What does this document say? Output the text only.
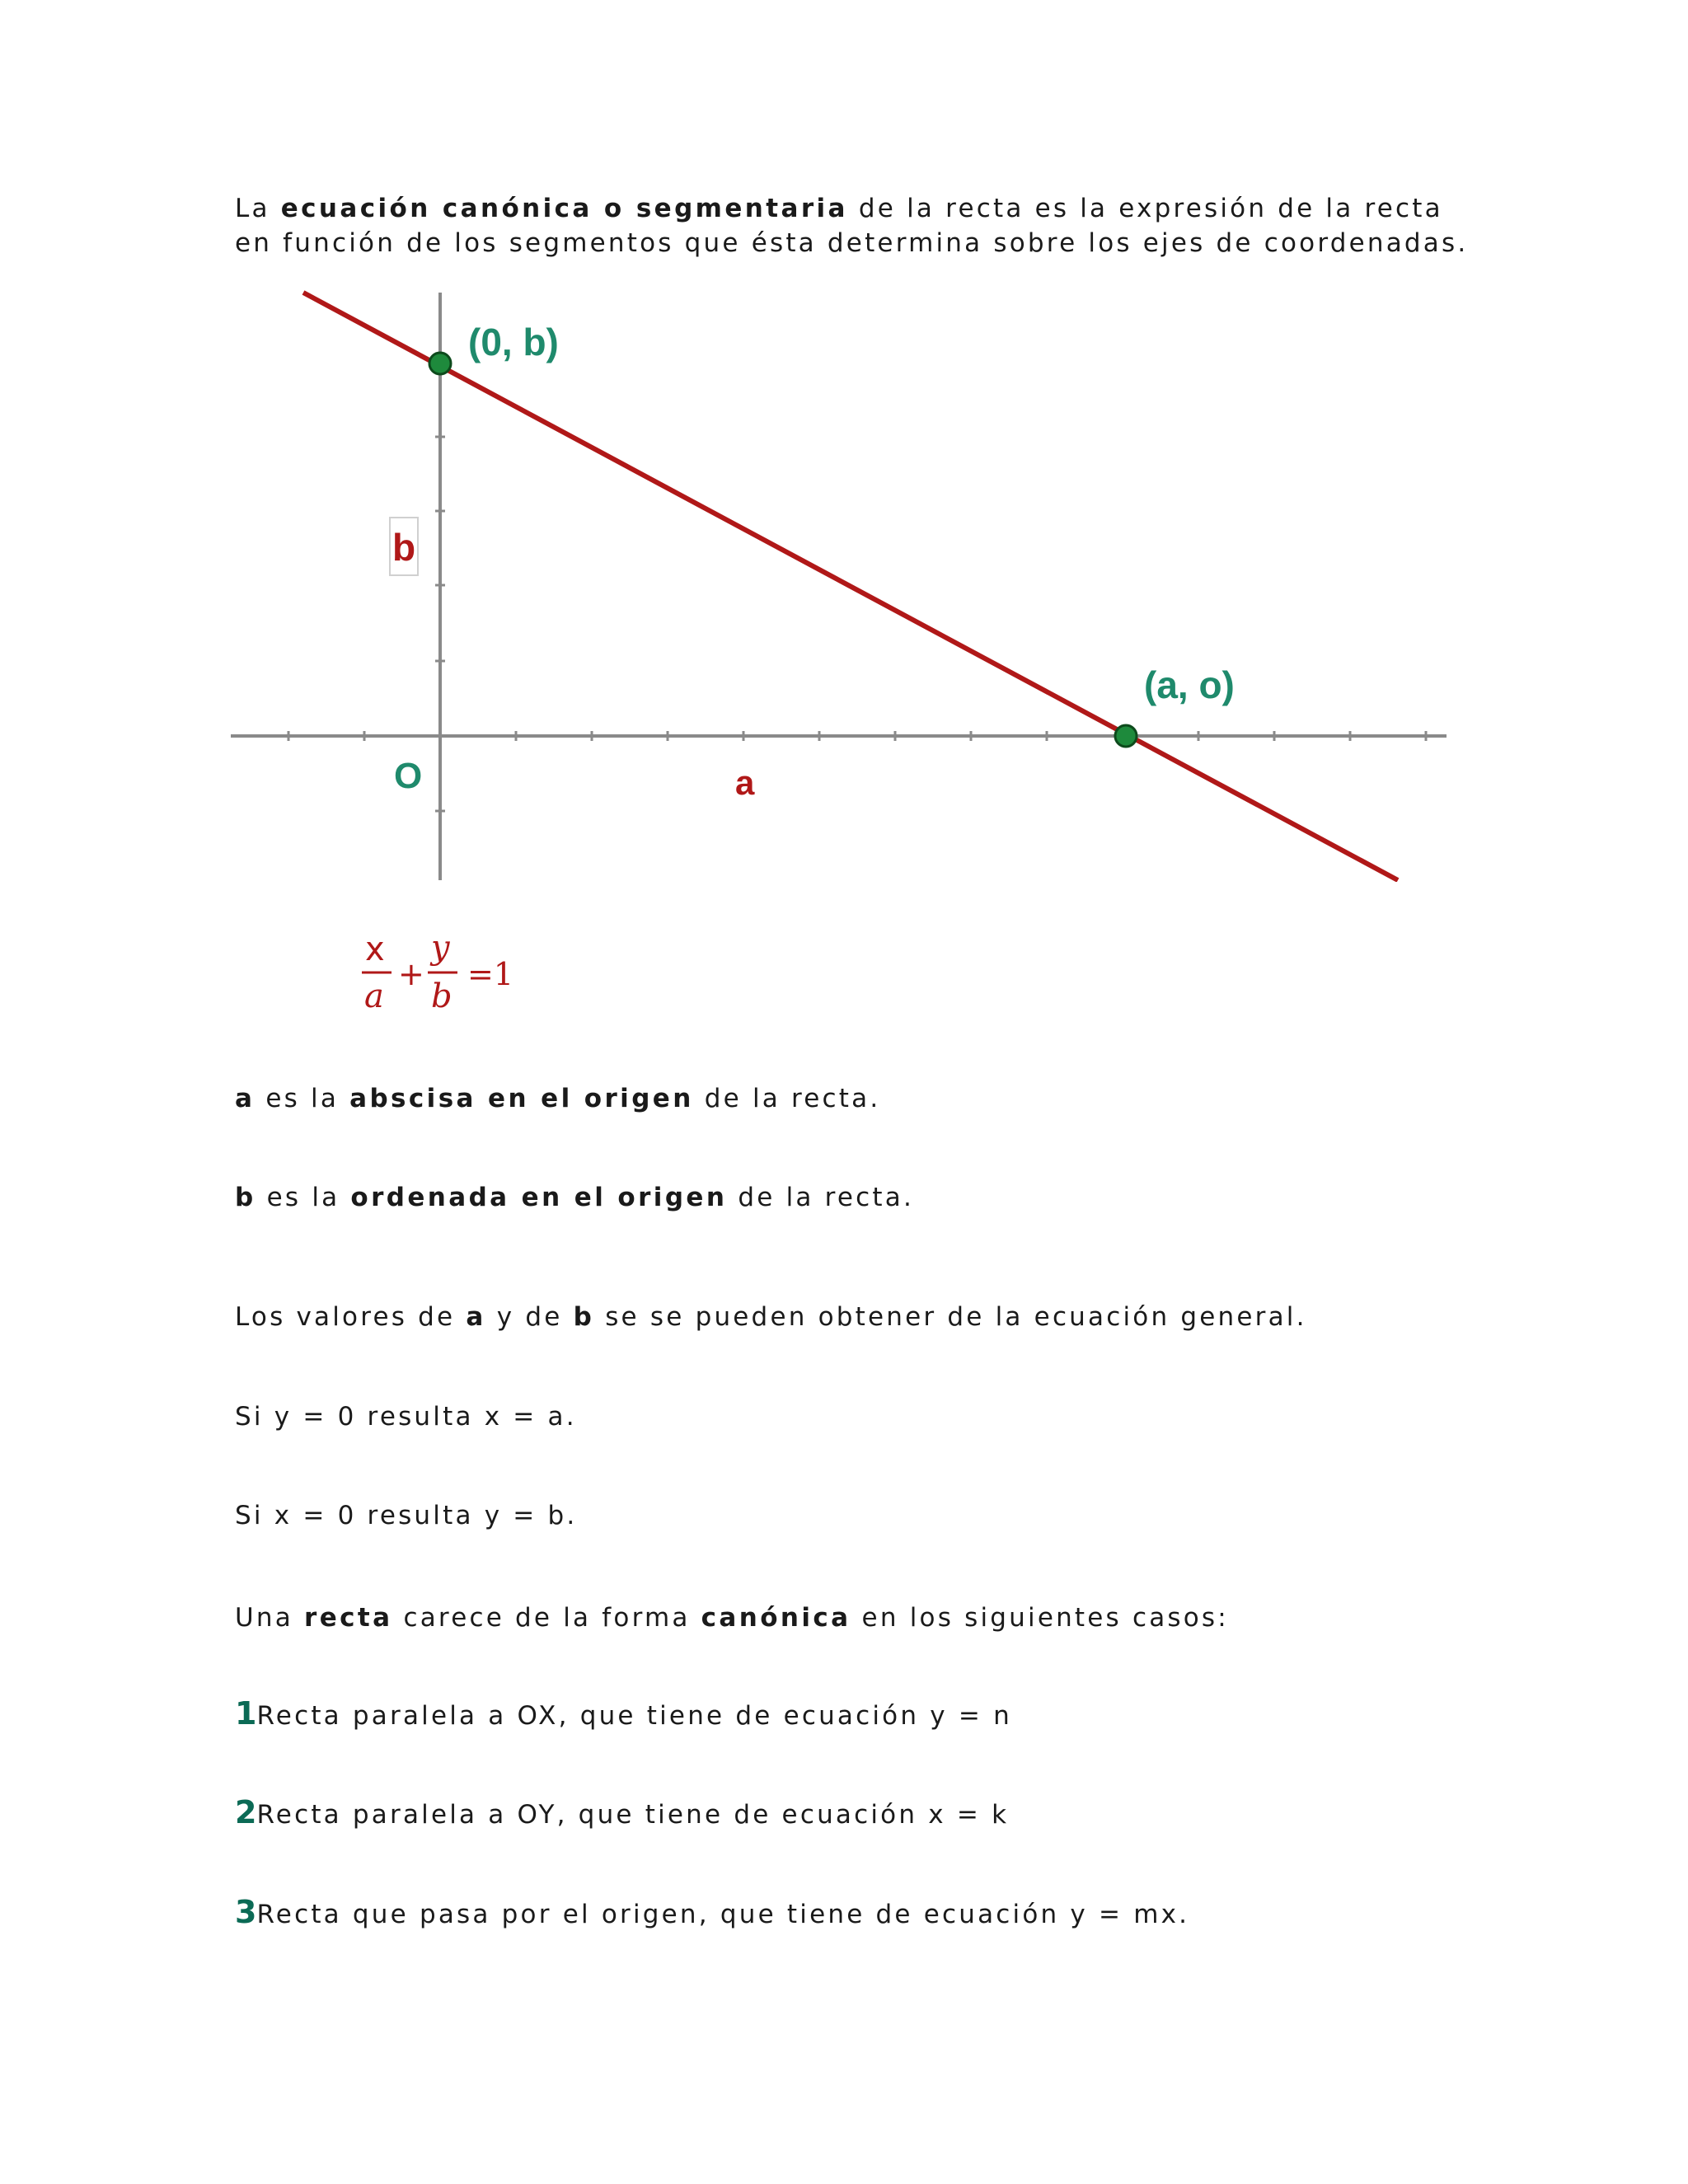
La ecuación canónica o segmentaria de la recta es la expresión de la recta en función de los segmentos que ésta determina sobre los ejes de coordenadas.

(0, b)
(a, o)
O	a
b
x
a
+
y
b
=1

a es la abscisa en el origen de la recta.

b es la ordenada en el origen de la recta.

Los valores de a y de b se se pueden obtener de la ecuación general.

Si y = 0 resulta x = a.

Si x = 0 resulta y = b.

Una recta carece de la forma canónica en los siguientes casos:

1Recta paralela a OX, que tiene de ecuación y = n

2Recta paralela a OY, que tiene de ecuación x = k

3Recta que pasa por el origen, que tiene de ecuación y = mx.
